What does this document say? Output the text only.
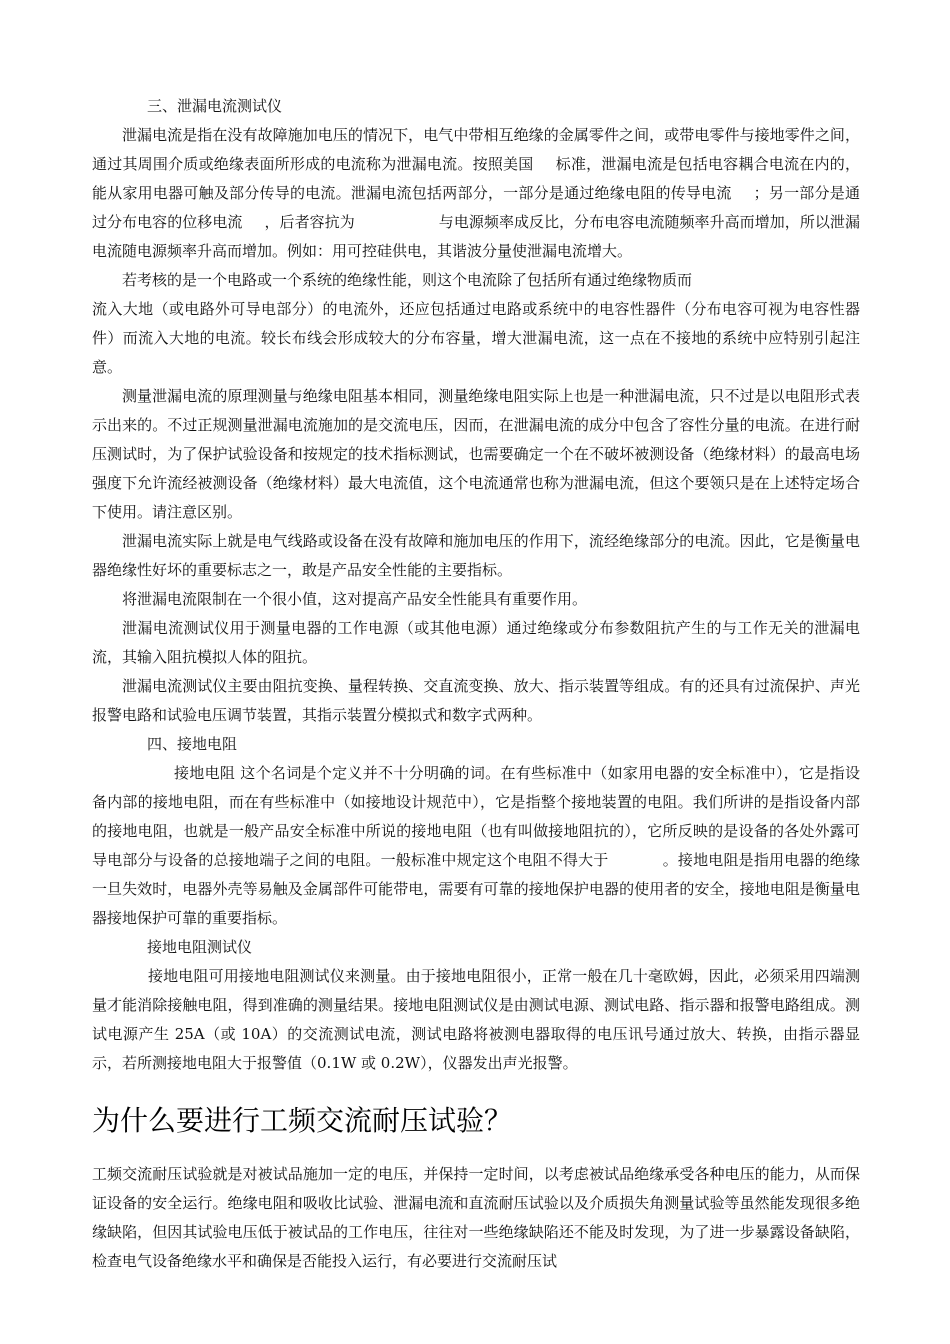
三、泄漏电流测试仪

泄漏电流是指在没有故障施加电压的情况下，电气中带相互绝缘的金属零件之间，或带电零件与接地零件之间，通过其周围介质或绝缘表面所形成的电流称为泄漏电流。按照美国 标准，泄漏电流是包括电容耦合电流在内的，能从家用电器可触及部分传导的电流。泄漏电流包括两部分，一部分是通过绝缘电阻的传导电流 ；另一部分是通过分布电容的位移电流 ，后者容抗为	与电源频率成反比，分布电容电流随频率升高而增加，所以泄漏电流随电源频率升高而增加。例如：用可控硅供电，其谐波分量使泄漏电流增大。

若考核的是一个电路或一个系统的绝缘性能，则这个电流除了包括所有通过绝缘物质而

流入大地（或电路外可导电部分）的电流外，还应包括通过电路或系统中的电容性器件（分布电容可视为电容性器件）而流入大地的电流。较长布线会形成较大的分布容量，增大泄漏电流，这一点在不接地的系统中应特别引起注意。

测量泄漏电流的原理测量与绝缘电阻基本相同，测量绝缘电阻实际上也是一种泄漏电流，只不过是以电阻形式表示出来的。不过正规测量泄漏电流施加的是交流电压，因而，在泄漏电流的成分中包含了容性分量的电流。在进行耐压测试时，为了保护试验设备和按规定的技术指标测试，也需要确定一个在不破坏被测设备（绝缘材料）的最高电场强度下允许流经被测设备（绝缘材料）最大电流值，这个电流通常也称为泄漏电流，但这个要领只是在上述特定场合下使用。请注意区别。

泄漏电流实际上就是电气线路或设备在没有故障和施加电压的作用下，流经绝缘部分的电流。因此，它是衡量电器绝缘性好坏的重要标志之一，敢是产品安全性能的主要指标。

将泄漏电流限制在一个很小值，这对提高产品安全性能具有重要作用。

泄漏电流测试仪用于测量电器的工作电源（或其他电源）通过绝缘或分布参数阻抗产生的与工作无关的泄漏电流，其输入阻抗模拟人体的阻抗。

泄漏电流测试仪主要由阻抗变换、量程转换、交直流变换、放大、指示装置等组成。有的还具有过流保护、声光报警电路和试验电压调节装置，其指示装置分模拟式和数字式两种。

四、接地电阻

接地电阻 这个名词是个定义并不十分明确的词。在有些标准中（如家用电器的安全标准中），它是指设备内部的接地电阻，而在有些标准中（如接地设计规范中），它是指整个接地装置的电阻。我们所讲的是指设备内部的接地电阻，也就是一般产品安全标准中所说的接地电阻（也有叫做接地阻抗的），它所反映的是设备的各处外露可导电部分与设备的总接地端子之间的电阻。一般标准中规定这个电阻不得大于	。接地电阻是指用电器的绝缘一旦失效时，电器外壳等易触及金属部件可能带电，需要有可靠的接地保护电器的使用者的安全，接地电阻是衡量电器接地保护可靠的重要指标。

接地电阻测试仪

接地电阻可用接地电阻测试仪来测量。由于接地电阻很小，正常一般在几十毫欧姆，因此，必须采用四端测量才能消除接触电阻，得到准确的测量结果。接地电阻测试仪是由测试电源、测试电路、指示器和报警电路组成。测试电源产生 25A（或 10A）的交流测试电流，测试电路将被测电器取得的电压讯号通过放大、转换，由指示器显示，若所测接地电阻大于报警值（0.1W 或 0.2W），仪器发出声光报警。

为什么要进行工频交流耐压试验？

工频交流耐压试验就是对被试品施加一定的电压，并保持一定时间，以考虑被试品绝缘承受各种电压的能力，从而保证设备的安全运行。绝缘电阻和吸收比试验、泄漏电流和直流耐压试验以及介质损失角测量试验等虽然能发现很多绝缘缺陷，但因其试验电压低于被试品的工作电压，往往对一些绝缘缺陷还不能及时发现，为了进一步暴露设备缺陷，检查电气设备绝缘水平和确保是否能投入运行，有必要进行交流耐压试
